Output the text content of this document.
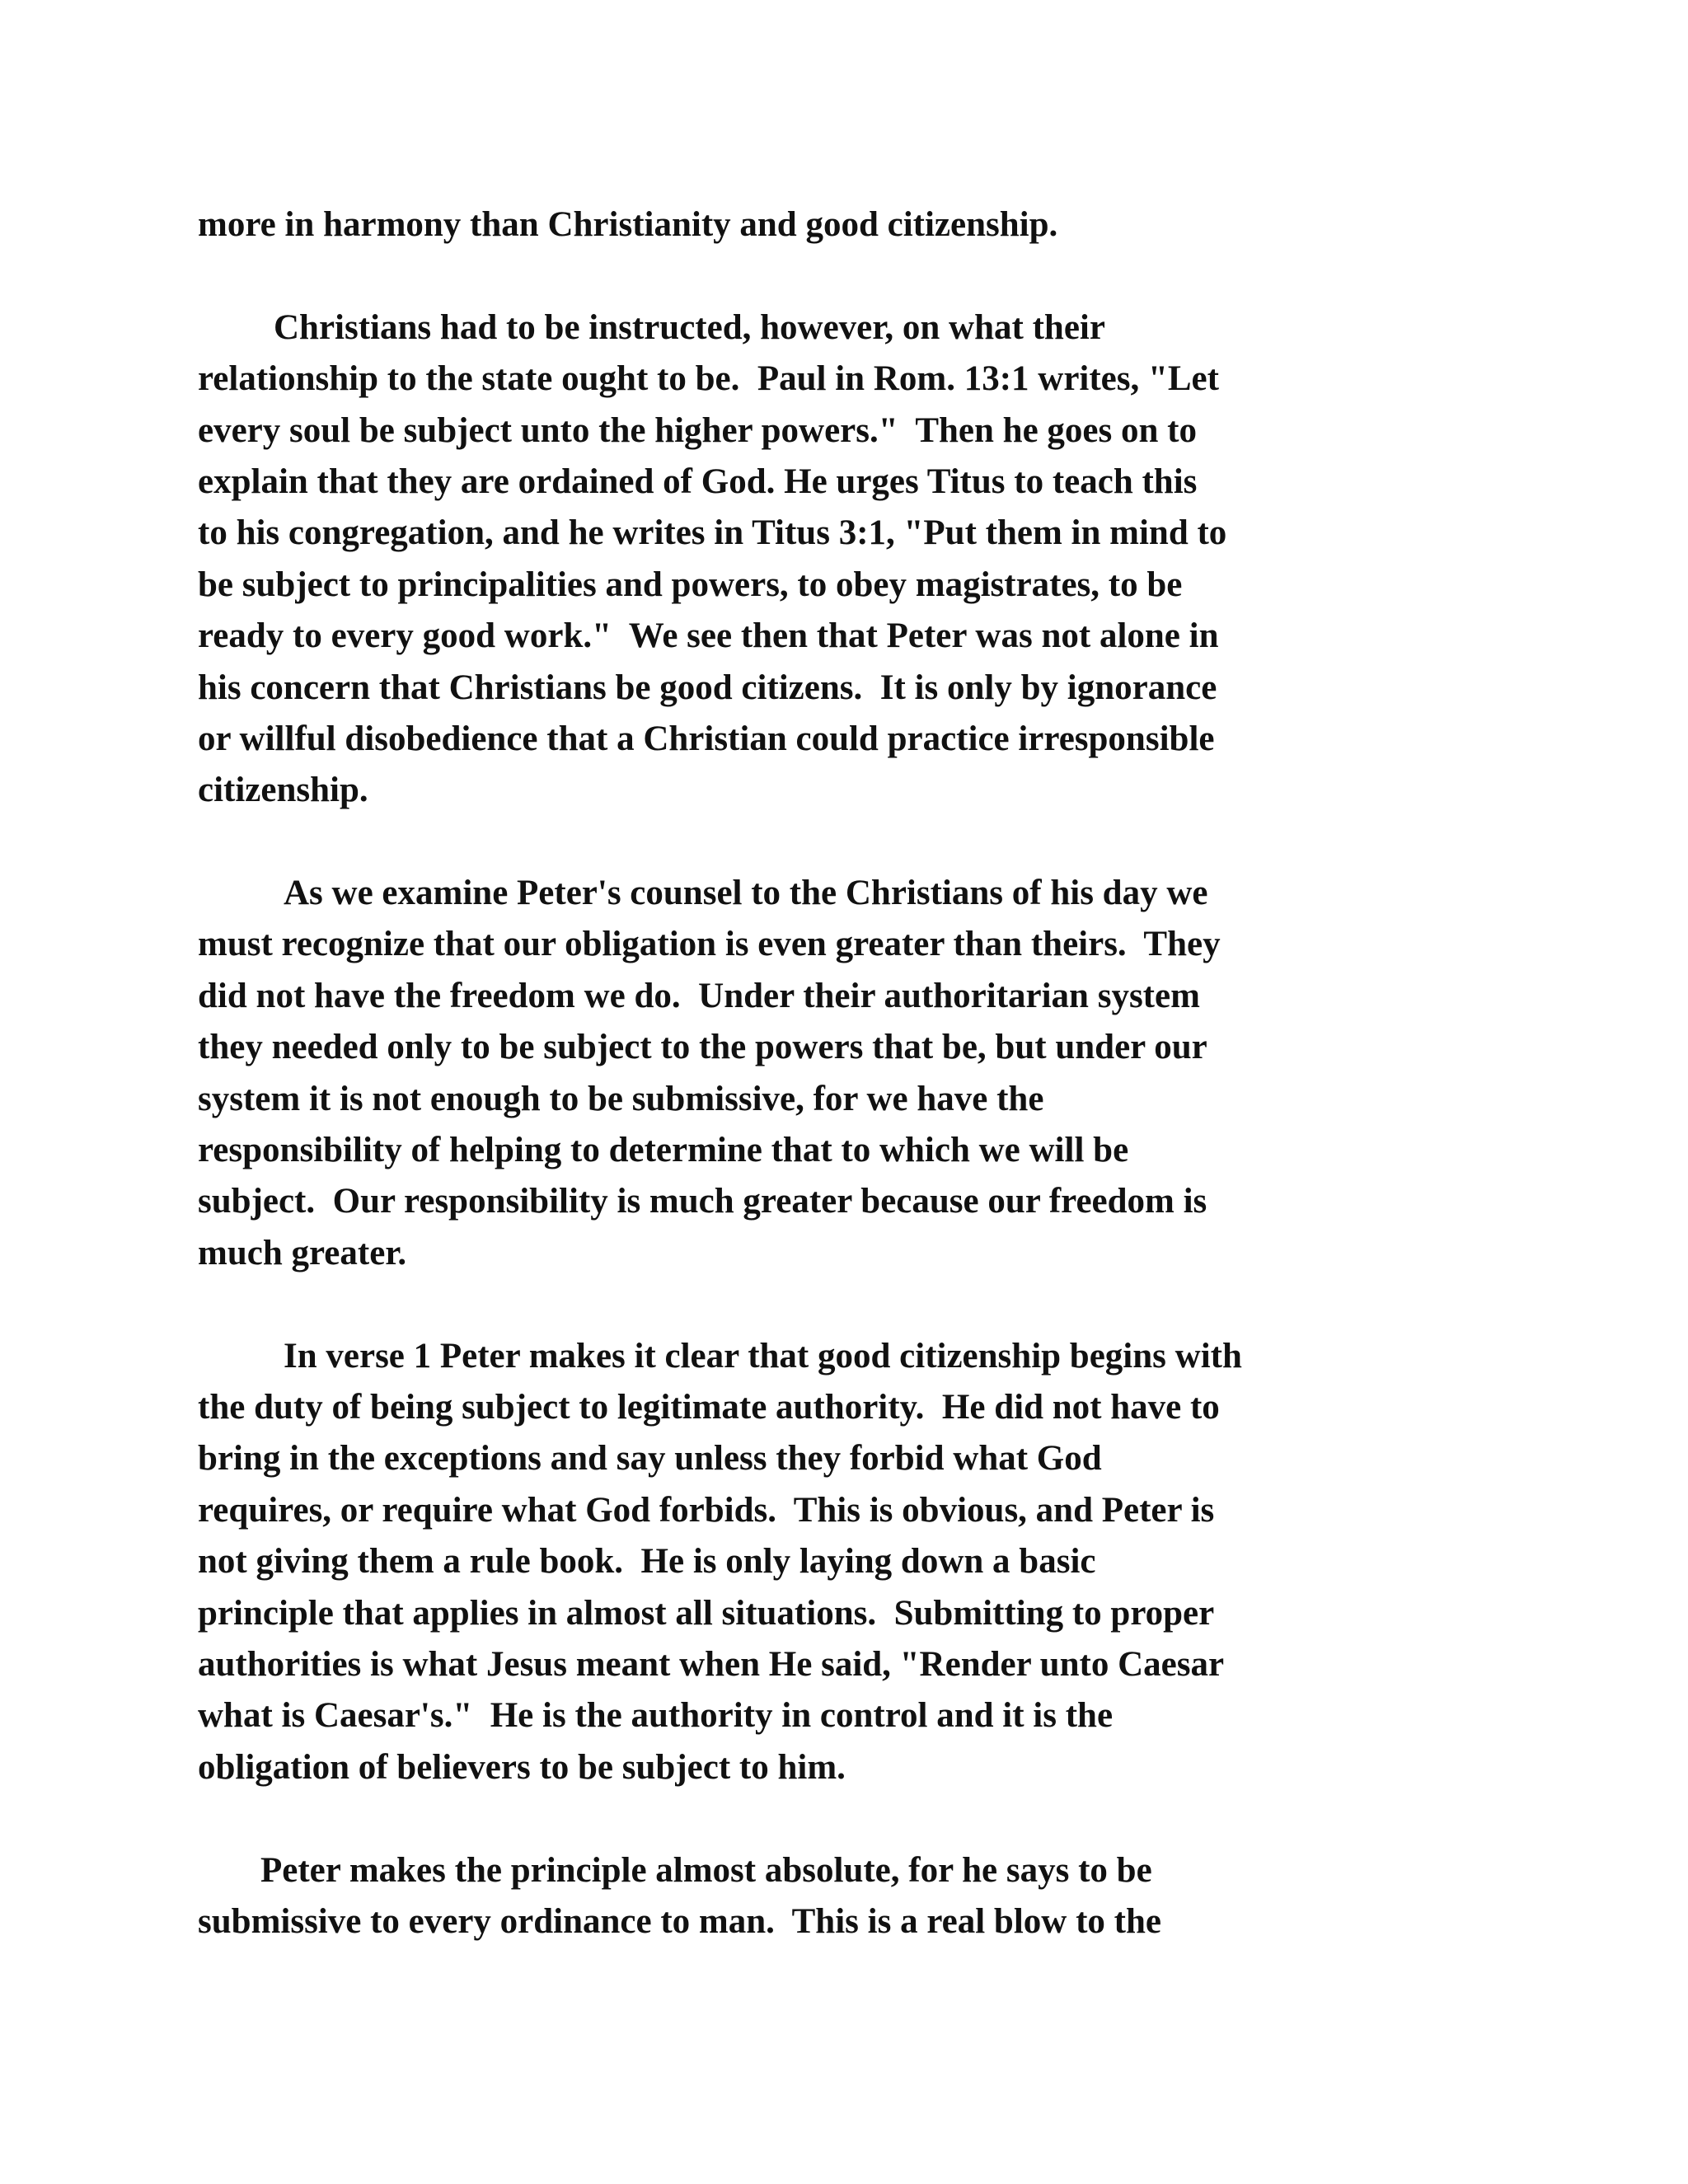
more in harmony than Christianity and good citizenship.
Christians had to be instructed, however, on what their
relationship to the state ought to be.  Paul in Rom. 13:1 writes, "Let
every soul be subject unto the higher powers."  Then he goes on to
explain that they are ordained of God. He urges Titus to teach this
to his congregation, and he writes in Titus 3:1, "Put them in mind to
be subject to principalities and powers, to obey magistrates, to be
ready to every good work."  We see then that Peter was not alone in
his concern that Christians be good citizens.  It is only by ignorance
or willful disobedience that a Christian could practice irresponsible
citizenship.
As we examine Peter's counsel to the Christians of his day we
must recognize that our obligation is even greater than theirs.  They
did not have the freedom we do.  Under their authoritarian system
they needed only to be subject to the powers that be, but under our
system it is not enough to be submissive, for we have the
responsibility of helping to determine that to which we will be
subject.  Our responsibility is much greater because our freedom is
much greater.
In verse 1 Peter makes it clear that good citizenship begins with
the duty of being subject to legitimate authority.  He did not have to
bring in the exceptions and say unless they forbid what God
requires, or require what God forbids.  This is obvious, and Peter is
not giving them a rule book.  He is only laying down a basic
principle that applies in almost all situations.  Submitting to proper
authorities is what Jesus meant when He said, "Render unto Caesar
what is Caesar's."  He is the authority in control and it is the
obligation of believers to be subject to him.
Peter makes the principle almost absolute, for he says to be
submissive to every ordinance to man.  This is a real blow to the
